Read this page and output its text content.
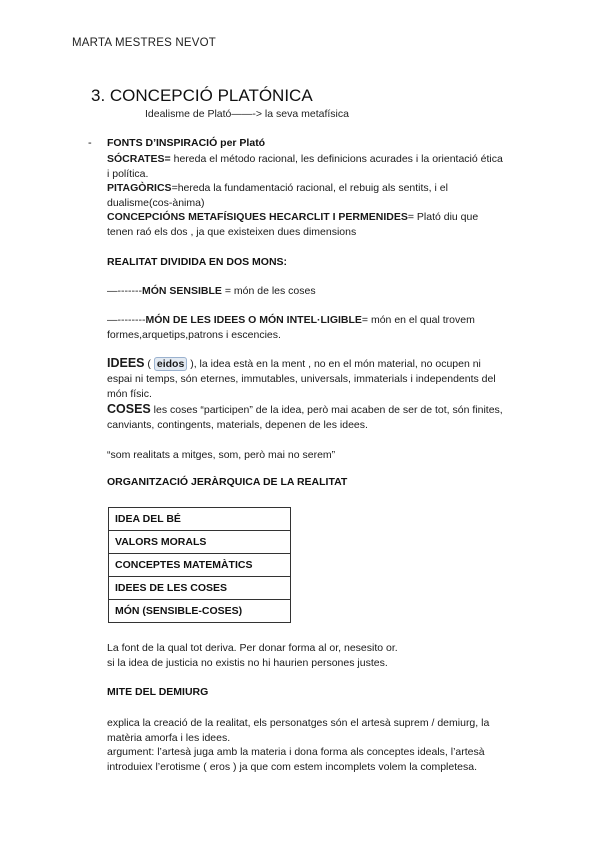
MARTA MESTRES NEVOT
3. CONCEPCIÓ PLATÓNICA
Idealisme de Plató——-> la seva metafísica
- FONTS D’INSPIRACIÓ per Plató
SÓCRATES= hereda el método racional, les definicions acurades i la orientació ética i política.
PITAGÒRICS=hereda la fundamentació racional, el rebuig als sentits, i el dualisme(cos-ànima)
CONCEPCIÓNS METAFÍSIQUES HECARCLIT I PERMENIDES= Plató diu que tenen raó els dos , ja que existeixen dues dimensions
REALITAT DIVIDIDA EN DOS MONS:
—-------MÓN SENSIBLE = món de les coses
—--------MÓN DE LES IDEES O MÓN INTEL·LIGIBLE= món en el qual trovem formes,arquetips,patrons i escencies.
IDEES ( eidos ), la idea està en la ment , no en el món material, no ocupen ni espai ni temps, són eternes, immutables, universals, immaterials i independents del món físic.
COSES les coses “participen” de la idea, però mai acaben de ser de tot, són finites, canviants, contingents, materials, depenen de les idees.
“som realitats a mitges, som, però mai no serem”
ORGANITZACIÓ JERÀRQUICA DE LA REALITAT
IDEA DEL BÉ
VALORS MORALS
CONCEPTES MATEMÀTICS
IDEES DE LES COSES
MÓN (SENSIBLE-COSES)
La font de la qual tot deriva. Per donar forma al or, nesesito or.
si la idea de justicia no existis no hi haurien persones justes.
MITE DEL DEMIURG
explica la creació de la realitat, els personatges són el artesà suprem / demiurg, la matèria amorfa i les idees.
argument: l’artesà juga amb la materia i dona forma als conceptes ideals, l’artesà introduiex l’erotisme ( eros ) ja que com estem incomplets volem la completesa.
